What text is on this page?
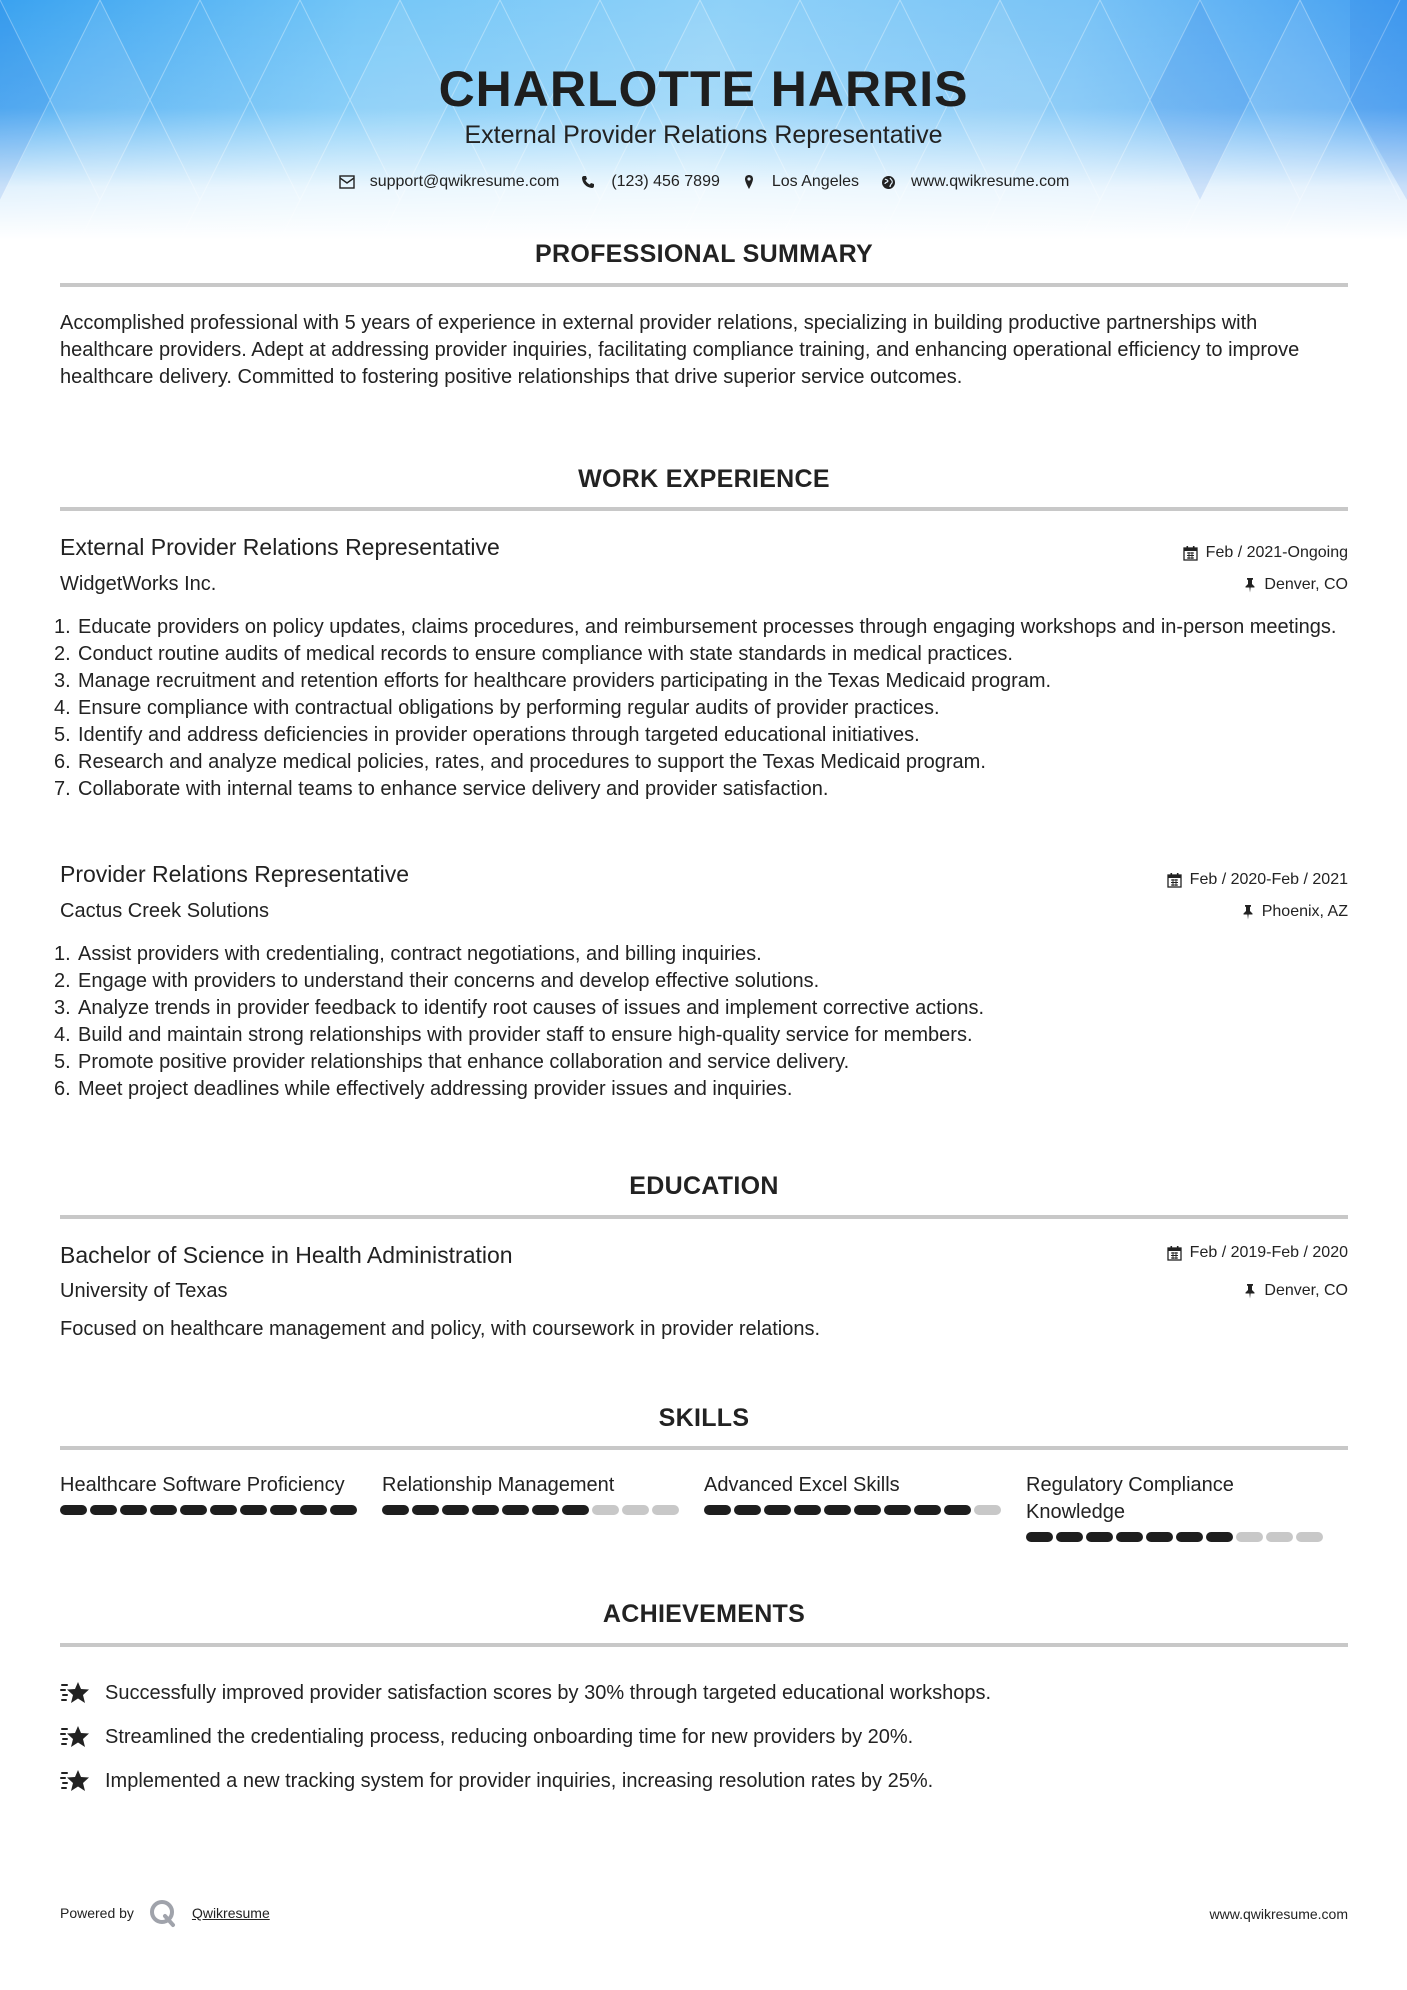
CHARLOTTE HARRIS
External Provider Relations Representative
support@qwikresume.com	(123) 456 7899	Los Angeles	www.qwikresume.com
PROFESSIONAL SUMMARY

Accomplished professional with 5 years of experience in external provider relations, specializing in building productive partnerships with healthcare providers. Adept at addressing provider inquiries, facilitating compliance training, and enhancing operational efficiency to improve healthcare delivery. Committed to fostering positive relationships that drive superior service outcomes.

WORK EXPERIENCE
External Provider Relations Representative	Feb / 2021-Ongoing
WidgetWorks Inc.	Denver, CO
1. Educate providers on policy updates, claims procedures, and reimbursement processes through engaging workshops and in-person meetings.
2. Conduct routine audits of medical records to ensure compliance with state standards in medical practices.
3. Manage recruitment and retention efforts for healthcare providers participating in the Texas Medicaid program.
4. Ensure compliance with contractual obligations by performing regular audits of provider practices.
5. Identify and address deficiencies in provider operations through targeted educational initiatives.
6. Research and analyze medical policies, rates, and procedures to support the Texas Medicaid program.
7. Collaborate with internal teams to enhance service delivery and provider satisfaction.
Provider Relations Representative	Feb / 2020-Feb / 2021
Cactus Creek Solutions	Phoenix, AZ
1. Assist providers with credentialing, contract negotiations, and billing inquiries.
2. Engage with providers to understand their concerns and develop effective solutions.
3. Analyze trends in provider feedback to identify root causes of issues and implement corrective actions.
4. Build and maintain strong relationships with provider staff to ensure high-quality service for members.
5. Promote positive provider relationships that enhance collaboration and service delivery.
6. Meet project deadlines while effectively addressing provider issues and inquiries.
EDUCATION
Bachelor of Science in Health Administration	Feb / 2019-Feb / 2020
University of Texas	Denver, CO

Focused on healthcare management and policy, with coursework in provider relations.

SKILLS
Healthcare Software Proficiency	Relationship Management	Advanced Excel Skills	Regulatory Compliance Knowledge
ACHIEVEMENTS
Successfully improved provider satisfaction scores by 30% through targeted educational workshops.
Streamlined the credentialing process, reducing onboarding time for new providers by 20%.
Implemented a new tracking system for provider inquiries, increasing resolution rates by 25%.
Powered by	Qwikresume	www.qwikresume.com
